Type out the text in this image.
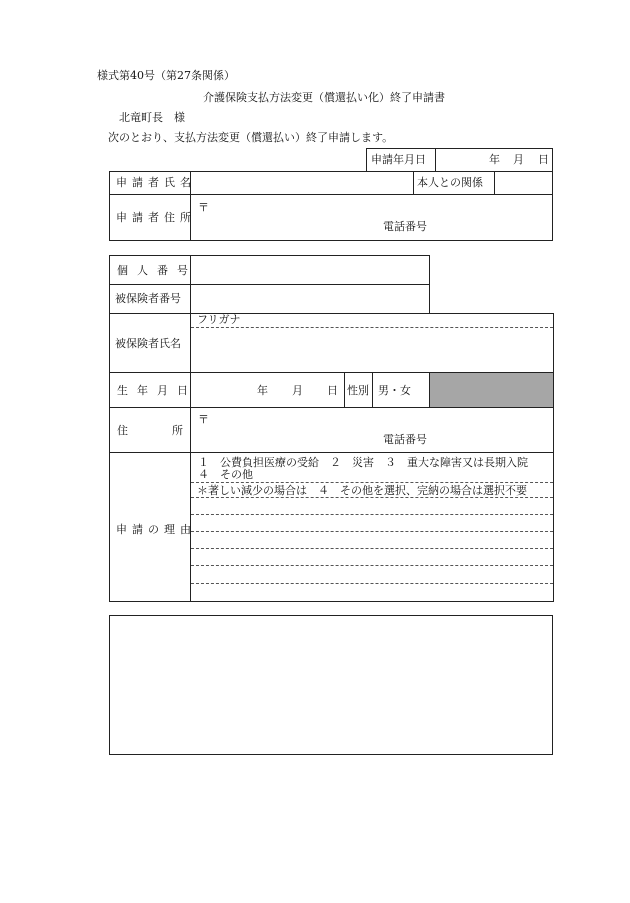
様式第40号（第27条関係）
介護保険支払方法変更（償還払い化）終了申請書
北竜町長　様
次のとおり、支払方法変更（償還払い）終了申請します。
申請年月日	年 月 日
申請者氏名	本人との関係
申請者住所
〒
電話番号
個人番号
被保険者番号
フリガナ
被保険者氏名
生年月日	年 月 日 性別 男・女
住　所
〒
電話番号
申請の理由
１　公費負担医療の受給　２　災害　３　重大な障害又は長期入院
４　その他
＊著しい減少の場合は　４　その他を選択、完納の場合は選択不要
